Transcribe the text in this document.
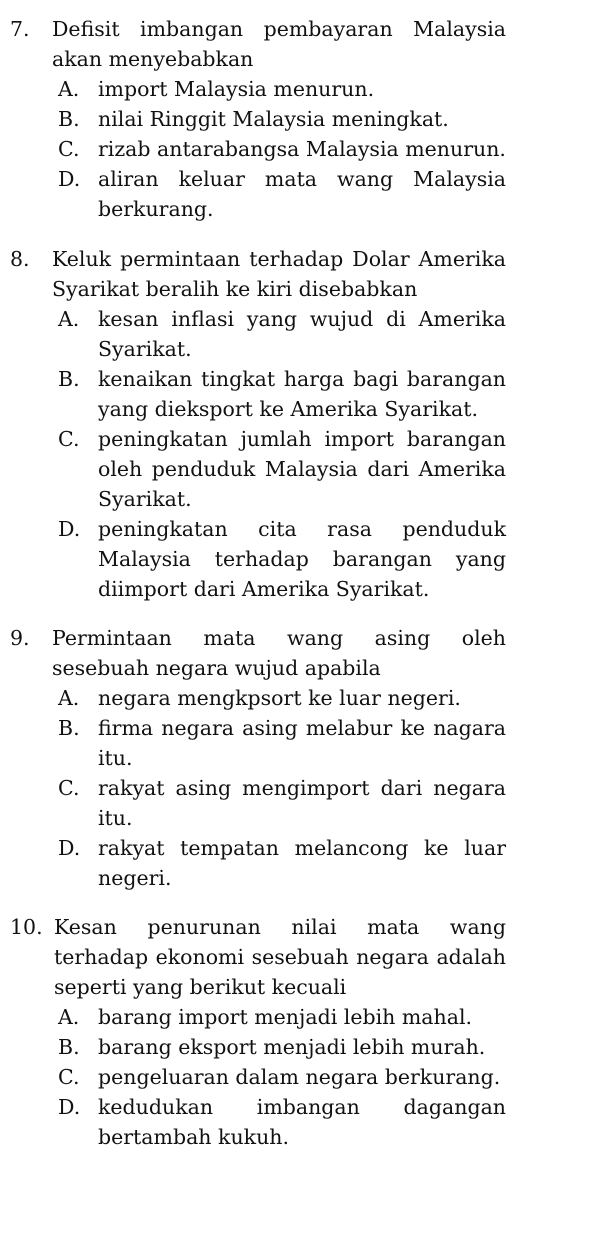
7.	Defisit imbangan pembayaran Malaysia akan menyebabkan
A. import Malaysia menurun.
B. nilai Ringgit Malaysia meningkat.
C. rizab antarabangsa Malaysia menurun.
D. aliran keluar mata wang Malaysia berkurang.
8.	Keluk permintaan terhadap Dolar Amerika Syarikat beralih ke kiri disebabkan
A. kesan inflasi yang wujud di Amerika Syarikat.
B. kenaikan tingkat harga bagi barangan yang dieksport ke Amerika Syarikat.
C. peningkatan jumlah import barangan oleh penduduk Malaysia dari Amerika Syarikat.
D. peningkatan cita rasa penduduk Malaysia terhadap barangan yang diimport dari Amerika Syarikat.
9.	Permintaan mata wang asing oleh sesebuah negara wujud apabila
A. negara mengkpsort ke luar negeri.
B. firma negara asing melabur ke nagara itu.
C. rakyat asing mengimport dari negara itu.
D. rakyat tempatan melancong ke luar negeri.
10. Kesan penurunan nilai mata wang terhadap ekonomi sesebuah negara adalah seperti yang berikut kecuali
A. barang import menjadi lebih mahal.
B. barang eksport menjadi lebih murah.
C. pengeluaran dalam negara berkurang.
D. kedudukan imbangan dagangan bertambah kukuh.
